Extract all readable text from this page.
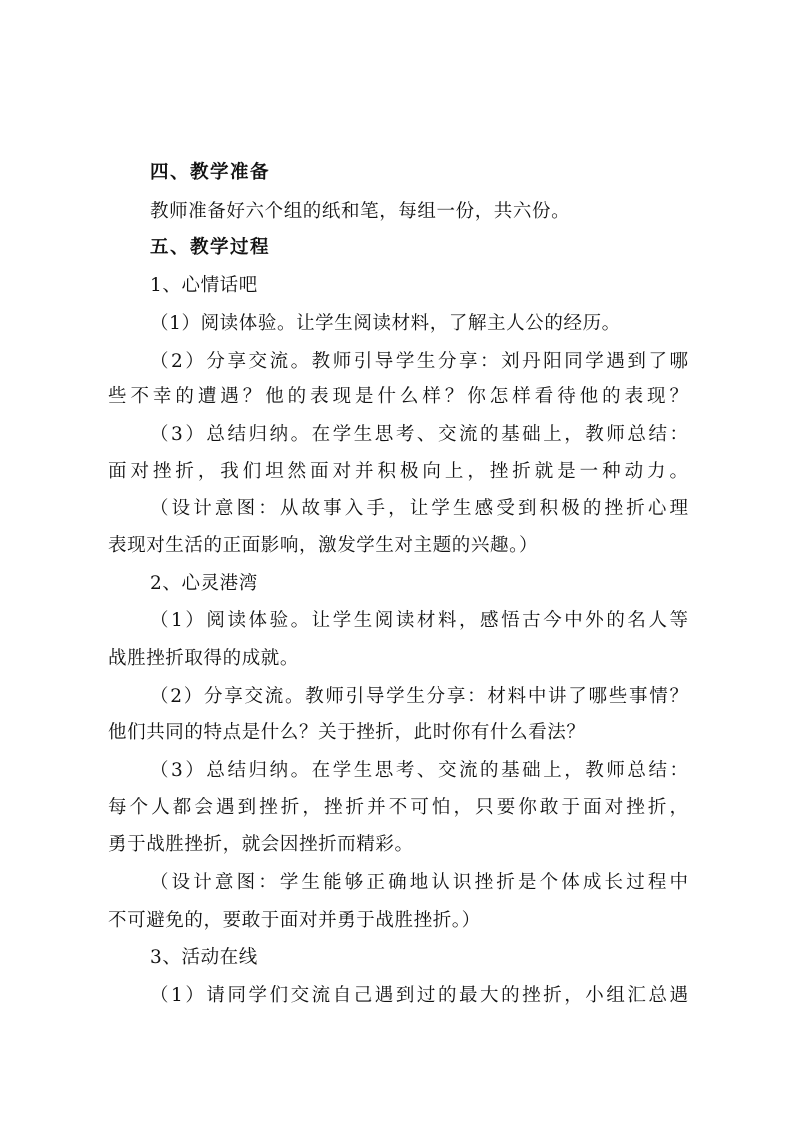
四、教学准备
教师准备好六个组的纸和笔，每组一份，共六份。
五、教学过程
1、心情话吧
（1）阅读体验。让学生阅读材料，了解主人公的经历。
（2）分享交流。教师引导学生分享：刘丹阳同学遇到了哪
些不幸的遭遇？他的表现是什么样？你怎样看待他的表现？
（3）总结归纳。在学生思考、交流的基础上，教师总结：
面对挫折，我们坦然面对并积极向上，挫折就是一种动力。
（设计意图：从故事入手，让学生感受到积极的挫折心理
表现对生活的正面影响，激发学生对主题的兴趣。）
2、心灵港湾
（1）阅读体验。让学生阅读材料，感悟古今中外的名人等
战胜挫折取得的成就。
（2）分享交流。教师引导学生分享：材料中讲了哪些事情？
他们共同的特点是什么？关于挫折，此时你有什么看法？
（3）总结归纳。在学生思考、交流的基础上，教师总结：
每个人都会遇到挫折，挫折并不可怕，只要你敢于面对挫折，
勇于战胜挫折，就会因挫折而精彩。
（设计意图：学生能够正确地认识挫折是个体成长过程中
不可避免的，要敢于面对并勇于战胜挫折。）
3、活动在线
（1）请同学们交流自己遇到过的最大的挫折，小组汇总遇
